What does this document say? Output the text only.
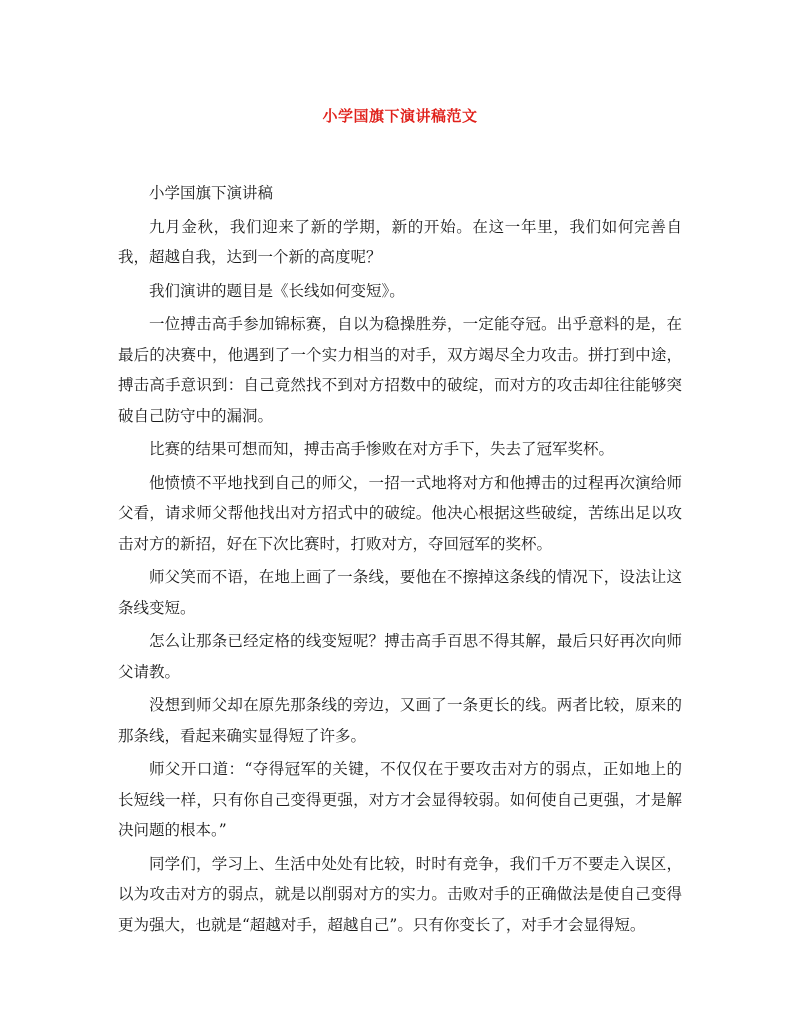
小学国旗下演讲稿范文

小学国旗下演讲稿

九月金秋，我们迎来了新的学期，新的开始。在这一年里，我们如何完善自我，超越自我，达到一个新的高度呢？

我们演讲的题目是《长线如何变短》。

一位搏击高手参加锦标赛，自以为稳操胜券，一定能夺冠。出乎意料的是，在最后的决赛中，他遇到了一个实力相当的对手，双方竭尽全力攻击。拼打到中途，搏击高手意识到：自己竟然找不到对方招数中的破绽，而对方的攻击却往往能够突破自己防守中的漏洞。

比赛的结果可想而知，搏击高手惨败在对方手下，失去了冠军奖杯。

他愤愤不平地找到自己的师父，一招一式地将对方和他搏击的过程再次演给师父看，请求师父帮他找出对方招式中的破绽。他决心根据这些破绽，苦练出足以攻击对方的新招，好在下次比赛时，打败对方，夺回冠军的奖杯。

师父笑而不语，在地上画了一条线，要他在不擦掉这条线的情况下，设法让这条线变短。

怎么让那条已经定格的线变短呢？搏击高手百思不得其解，最后只好再次向师父请教。

没想到师父却在原先那条线的旁边，又画了一条更长的线。两者比较，原来的那条线，看起来确实显得短了许多。

师父开口道：“夺得冠军的关键，不仅仅在于要攻击对方的弱点，正如地上的长短线一样，只有你自己变得更强，对方才会显得较弱。如何使自己更强，才是解决问题的根本。”

同学们，学习上、生活中处处有比较，时时有竞争，我们千万不要走入误区，以为攻击对方的弱点，就是以削弱对方的实力。击败对手的正确做法是使自己变得更为强大，也就是“超越对手，超越自己”。只有你变长了，对手才会显得短。
